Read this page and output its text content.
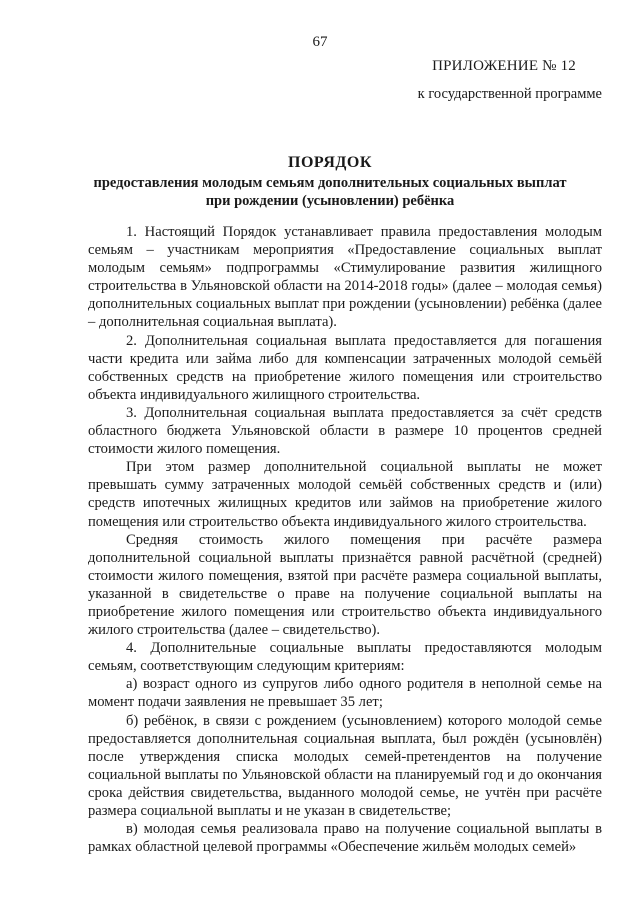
67
ПРИЛОЖЕНИЕ № 12
к государственной программе
ПОРЯДОК
предоставления молодым семьям дополнительных социальных выплат
при рождении (усыновлении) ребёнка

1. Настоящий Порядок устанавливает правила предоставления молодым семьям – участникам мероприятия «Предоставление социальных выплат молодым семьям» подпрограммы «Стимулирование развития жилищного строительства в Ульяновской области на 2014-2018 годы» (далее – молодая семья) дополнительных социальных выплат при рождении (усыновлении) ребёнка (далее – дополнительная социальная выплата).

2. Дополнительная социальная выплата предоставляется для погашения части кредита или займа либо для компенсации затраченных молодой семьёй собственных средств на приобретение жилого помещения или строительство объекта индивидуального жилищного строительства.

3. Дополнительная социальная выплата предоставляется за счёт средств областного бюджета Ульяновской области в размере 10 процентов средней стоимости жилого помещения.

При этом размер дополнительной социальной выплаты не может превышать сумму затраченных молодой семьёй собственных средств и (или) средств ипотечных жилищных кредитов или займов на приобретение жилого помещения или строительство объекта индивидуального жилого строительства.

Средняя стоимость жилого помещения при расчёте размера дополнительной социальной выплаты признаётся равной расчётной (средней) стоимости жилого помещения, взятой при расчёте размера социальной выплаты, указанной в свидетельстве о праве на получение социальной выплаты на приобретение жилого помещения или строительство объекта индивидуального жилого строительства (далее – свидетельство).

4. Дополнительные социальные выплаты предоставляются молодым семьям, соответствующим следующим критериям:

а) возраст одного из супругов либо одного родителя в неполной семье на момент подачи заявления не превышает 35 лет;

б) ребёнок, в связи с рождением (усыновлением) которого молодой семье предоставляется дополнительная социальная выплата, был рождён (усыновлён) после утверждения списка молодых семей-претендентов на получение социальной выплаты по Ульяновской области на планируемый год и до окончания срока действия свидетельства, выданного молодой семье, не учтён при расчёте размера социальной выплаты и не указан в свидетельстве;

в) молодая семья реализовала право на получение социальной выплаты в рамках областной целевой программы «Обеспечение жильём молодых семей»
